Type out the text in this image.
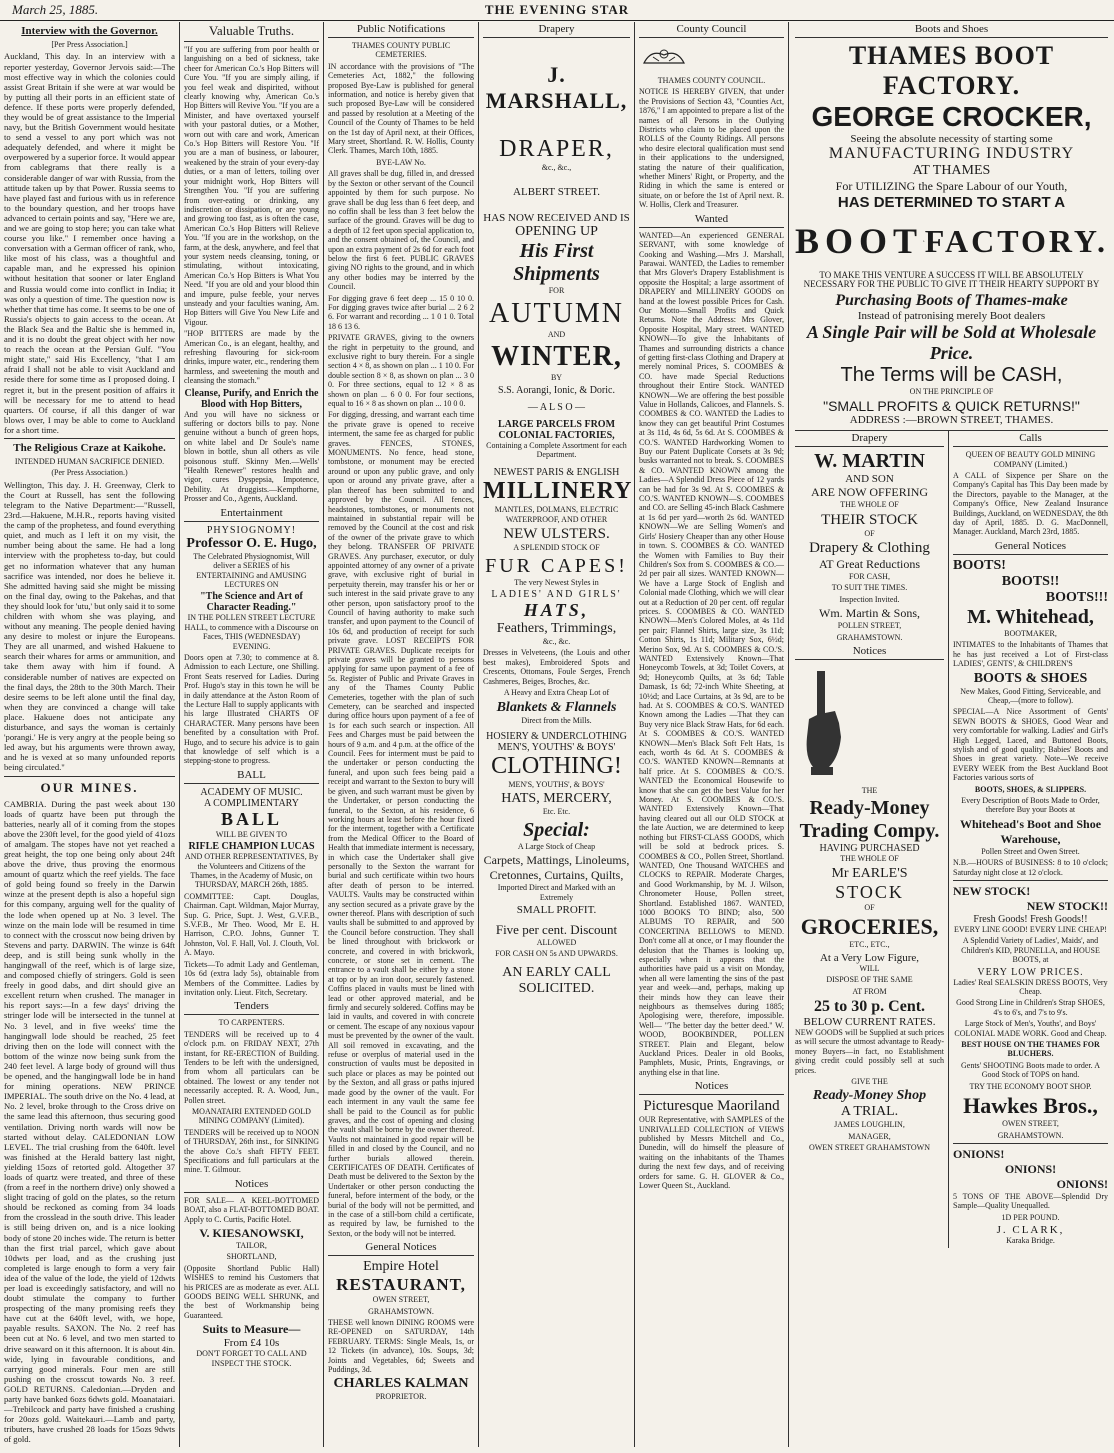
March 25, 1885.	THE EVENING STAR
Interview with the Governor.
[Per Press Association.]
Auckland, This day. In an interview with a reporter yesterday, Governor Jervois said:—The most effective way in which the colonies could assist Great Britain if she were at war would be by putting all their ports in an efficient state of defence. If these ports were properly defended, they would be of great assistance to the Imperial navy, but the British Government would hesitate to send a vessel to any port which was not adequately defended, and where it might be overpowered by a superior force. It would appear from cablegrams that there really is a considerable danger of war with Russia, from the attitude taken up by that Power. Russia seems to have played fast and furious with us in reference to the boundary question, and her troops have advanced to certain points and say, "Here we are, and we are going to stop here; you can take what course you like." I remember once having a conversation with a German officer of rank, who, like most of his class, was a thoughtful and capable man, and he expressed his opinion without hesitation that sooner or later England and Russia would come into conflict in India; it was only a question of time. The question now is whether that time has come. It seems to be one of Russia's objects to gain access to the ocean. At the Black Sea and the Baltic she is hemmed in, and it is no doubt the great object with her now to reach the ocean at the Persian Gulf. "You might state," said His Excellency, "that I am afraid I shall not be able to visit Auckland and reside there for some time as I proposed doing. I regret it, but in the present position of affairs it will be necessary for me to attend to head quarters. Of course, if all this danger of war blows over, I may be able to come to Auckland for a short time.
The Religious Craze at Kaikohe.
INTENDED HUMAN SACRIFICE DENIED.
(Per Press Association.)
Wellington, This day. J. H. Greenway, Clerk to the Court at Russell, has sent the following telegram to the Native Department:—"Russell, 23rd.—Hakuene, M.H.R., reports having visited the camp of the prophetess, and found everything quiet, and much as I left it on my visit, the number being about the same. He had a long interview with the prophetess to-day, but could get no information whatever that any human sacrifice was intended, nor does he believe it. She admitted having said she might be missing on the final day, owing to the Pakehas, and that they should look for 'utu,' but only said it to some children with whom she was playing, and without any meaning. The people denied having any desire to molest or injure the Europeans. They are all unarmed, and wished Hakuene to search their whares for arms or ammunition, and take them away with him if found. A considerable number of natives are expected on the final days, the 28th to the 30th March. Their desire seems to be left alone until the final day, when they are convinced a change will take place. Hakuene does not anticipate any disturbance, and says the woman is certainly 'porangi.' He is very angry at the people being so led away, but his arguments were thrown away, and he is vexed at so many unfounded reports being circulated."
OUR MINES.
CAMBRIA. During the past week about 130 loads of quartz have been put through the batteries, nearly all of it coming from the stopes above the 230ft level, for the good yield of 41ozs of amalgam. The stopes have not yet reached a great height, the top one being only about 24ft above the drive, thus proving the enormous amount of quartz which the reef yields. The face of gold being found so freely in the Darwin winze at the present depth is also a hopeful sign for this company, arguing well for the quality of the lode when opened up at No. 3 level. The winze on the main lode will be resumed in time to connect with the crosscut now being driven by Stevens and party. DARWIN. The winze is 64ft deep, and is still being sunk wholly in the hangingwall of the reef, which is of large size, and composed chiefly of stringers. Gold is seen freely in good dabs, and dirt should give an excellent return when crushed. The manager in his report says:—In a few days' driving the stringer lode will be intersected in the tunnel at No. 3 level, and in five weeks' time the hangingwall lode should be reached, 25 feet driving then on the lode will connect with the bottom of the winze now being sunk from the 240 feet level. A large body of ground will thus be opened, and the hangingwall lode be in hand for mining operations. NEW PRINCE IMPERIAL. The south drive on the No. 4 lead, at No. 2 level, broke through to the Cross drive on the same lead this afternoon, thus securing good ventilation. Driving north wards will now be started without delay. CALEDONIAN LOW LEVEL. The trial crushing from the 640ft. level was finished at the Herald battery last night, yielding 15ozs of retorted gold. Altogether 37 loads of quartz were treated, and three of these (from a reef in the northern drive) only showed a slight tracing of gold on the plates, so the return should be reckoned as coming from 34 loads from the crosslead in the south drive. This leader is still being driven on, and is a nice looking body of stone 20 inches wide. The return is better than the first trial parcel, which gave about 10dwts per load, and as the crushing just completed is large enough to form a very fair idea of the value of the lode, the yield of 12dwts per load is exceedingly satisfactory, and will no doubt stimulate the company to further prospecting of the many promising reefs they have cut at the 640ft level, with, we hope, payable results. SAXON. The No. 2 reef has been cut at No. 6 level, and two men started to drive seaward on it this afternoon. It is about 4in. wide, lying in favourable conditions, and carrying good minerals. Four men are still pushing on the crosscut towards No. 3 reef. GOLD RETURNS. Caledonian.—Dryden and party have banked 6ozs 6dwts gold. Moanataiari.—Trebilcock and party have finished a crushing for 20ozs gold. Waitekauri.—Lamb and party, tributers, have crushed 28 loads for 15ozs 9dwts of gold.
Valuable Truths.
"If you are suffering from poor health or languishing on a bed of sickness, take cheer for American Co.'s Hop Bitters will Cure You. "If you are simply ailing, if you feel weak and dispirited, without clearly knowing why, American Co.'s Hop Bitters will Revive You. "If you are a Minister, and have overtaxed yourself with your pastoral duties, or a Mother, worn out with care and work, American Co.'s Hop Bitters will Restore You. "If you are a man of business, or labourer, weakened by the strain of your every-day duties, or a man of letters, toiling over your midnight work, Hop Bitters will Strengthen You. "If you are suffering from over-eating or drinking, any indiscretion or dissipation, or are young and growing too fast, as is often the case, American Co.'s Hop Bitters will Relieve You. "If you are in the workshop, on the farm, at the desk, anywhere, and feel that your system needs cleansing, toning, or stimulating, without intoxicating, American Co.'s Hop Bitters is What You Need. "If you are old and your blood thin and impure, pulse feeble, your nerves unsteady and your faculties waning, Am. Hop Bitters will Give You New Life and Vigour.
"HOP BITTERS are made by the American Co., is an elegant, healthy, and refreshing flavouring for sick-room drinks, impure water, etc., rendering them harmless, and sweetening the mouth and cleansing the stomach."
Cleanse, Purify, and Enrich the Blood with Hop Bitters,
And you will have no sickness or suffering or doctors bills to pay. None genuine without a bunch of green hops, on white label and Dr Soule's name blown in bottle, shun all others as vile poisonous stuff. Skinny Men.—Wells' "Health Renewer" restores health and vigor, cures Dyspepsia, Impotence, Debility. At druggists.—Kempthorne, Prosser and Co., Agents, Auckland.
Entertainment
PHYSIOGNOMY!
Professor O. E. Hugo,
The Celebrated Physiognomist, Will deliver a SERIES of his ENTERTAINING and AMUSING LECTURES ON
"The Science and Art of Character Reading."
IN THE POLLEN STREET LECTURE HALL, to commence with a Discourse on Faces, THIS (WEDNESDAY) EVENING.
Doors open at 7.30; to commence at 8. Admission to each Lecture, one Shilling. Front Seats reserved for Ladies. During Prof. Hugo's stay in this town he will be in daily attendance at the Aston Room of the Lecture Hall to supply applicants with his large Illustrated CHARTS OF CHARACTER. Many persons have been benefited by a consultation with Prof. Hugo, and to secure his advice is to gain that knowledge of self which is a stepping-stone to progress.
BALL
ACADEMY OF MUSIC.
A COMPLIMENTARY
BALL
WILL BE GIVEN TO
RIFLE CHAMPION LUCAS
AND OTHER REPRESENTATIVES, By the Volunteers and Citizens of the Thames, in the Academy of Music, on THURSDAY, MARCH 26th, 1885.
COMMITTEE: Capt. Douglas, Chairman. Capt. Wildman, Major Murray, Sup. G. Price, Supt. J. West, G.V.F.B., S.V.F.B., Mr Theo. Wood, Mr E. H. Harrison, C.P.O. Johns, Gunner T. Johnston, Vol. F. Hall, Vol. J. Clouth, Vol. A. Mayo.
Tickets—To admit Lady and Gentleman, 10s 6d (extra lady 5s), obtainable from Members of the Committee. Ladies by invitation only. Lieut. Fitch, Secretary.
Tenders
TO CARPENTERS.
TENDERS will be received up to 4 o'clock p.m. on FRIDAY NEXT, 27th instant, for RE-ERECTION of Building. Tenders to be left with the undersigned, from whom all particulars can be obtained. The lowest or any tender not necessarily accepted. R. A. Wood, Jun., Pollen street.
MOANATAIRI EXTENDED GOLD MINING COMPANY (Limited).
TENDERS will be received up to NOON of THURSDAY, 26th inst., for SINKING the above Co.'s shaft FIFTY FEET. Specifications and full particulars at the mine. T. Gilmour.
Notices
FOR SALE— A KEEL-BOTTOMED BOAT, also a FLAT-BOTTOMED BOAT. Apply to C. Curtis, Pacific Hotel.
V. KIESANOWSKI,
TAILOR,
SHORTLAND,
(Opposite Shortland Public Hall) WISHES to remind his Customers that his PRICES are as moderate as ever. ALL GOODS BEING WELL SHRUNK, and the best of Workmanship being Guaranteed.
Suits to Measure—
From £4 10s
DON'T FORGET TO CALL AND INSPECT THE STOCK.
Public Notifications
THAMES COUNTY PUBLIC CEMETERIES.
IN accordance with the provisions of "The Cemeteries Act, 1882," the following proposed Bye-Law is published for general information, and notice is hereby given that such proposed Bye-Law will be considered and passed by resolution at a Meeting of the Council of the County of Thames to be held on the 1st day of April next, at their Offices, Mary street, Shortland. R. W. Hollis, County Clerk. Thames, March 10th, 1885.
BYE-LAW No.
All graves shall be dug, filled in, and dressed by the Sexton or other servant of the Council appointed by them for such purpose. No grave shall be dug less than 6 feet deep, and no coffin shall be less than 3 feet below the surface of the ground. Graves will be dug to a depth of 12 feet upon special application to, and the consent obtained of, the Council, and upon an extra payment of 2s 6d for each foot below the first 6 feet. PUBLIC GRAVES giving NO rights to the ground, and in which any other bodies may be interred by the Council.
For digging grave 6 feet deep ... 15 0 10 0. For digging graves twice after burial ... 2 6 2 6. For warrant and recording ... 1 0 1 0. Total 18 6 13 6.
PRIVATE GRAVES, giving to the owners the right in perpetuity to the ground, and exclusive right to bury therein. For a single section 4 × 8, as shown on plan ... 1 10 0. For double section 8 × 8, as shown on plan ... 3 0 0. For three sections, equal to 12 × 8 as shown on plan ... 6 0 0. For four sections, equal to 16 × 8 as shown on plan ... 10 0 0.
For digging, dressing, and warrant each time the private grave is opened to receive interment, the same fee as charged for public graves. FENCES, STONES, MONUMENTS. No fence, head stone, tombstone, or monument may be erected around or upon any public grave, and only upon or around any private grave, after a plan thereof has been submitted to and approved by the Council. All fences, headstones, tombstones, or monuments not maintained in substantial repair will be removed by the Council at the cost and risk of the owner of the private grave to which they belong. TRANSFER OF PRIVATE GRAVES. Any purchaser, executor, or duly appointed attorney of any owner of a private grave, with exclusive right of burial in perpetuity therein, may transfer his or her or such interest in the said private grave to any other person, upon satisfactory proof to the Council of having authority to make such transfer, and upon payment to the Council of 10s 6d, and production of receipt for such private grave. LOST RECEIPTS FOR PRIVATE GRAVES. Duplicate receipts for private graves will be granted to persons applying for same upon payment of a fee of 5s. Register of Public and Private Graves in any of the Thames County Public Cemeteries, together with the plan of such Cemetery, can be searched and inspected during office hours upon payment of a fee of 1s for each such search or inspection. All Fees and Charges must be paid between the hours of 9 a.m. and 4 p.m. at the office of the Council. Fees for interment must be paid to the undertaker or person conducting the funeral, and upon such fees being paid a receipt and warrant to the Sexton to bury will be given, and such warrant must be given by the Undertaker, or person conducting the funeral, to the Sexton, at his residence, 6 working hours at least before the hour fixed for the interment, together with a Certificate from the Medical Officer to the Board of Health that immediate interment is necessary, in which case the Undertaker shall give personally to the Sexton the warrant for burial and such certificate within two hours after death of person to be interred. VAULTS. Vaults may be constructed within any section secured as a private grave by the owner thereof. Plans with description of such vaults shall be submitted to and approved by the Council before construction. They shall be lined throughout with brickwork or concrete, and covered in with brickwork, concrete, or stone set in cement. The entrance to a vault shall be either by a stone at top or by an iron door, securely fastened. Coffins placed in vaults must be lined with lead or other approved material, and be firmly and securely soldered. Coffins may be laid in vaults, and covered in with concrete or cement. The escape of any noxious vapour must be prevented by the owner of the vault. All soil removed in excavating, and the refuse or overplus of material used in the construction of vaults must be deposited in such place or places as may be pointed out by the Sexton, and all grass or paths injured made good by the owner of the vault. For each interment in any vault the same fee shall be paid to the Council as for public graves, and the cost of opening and closing the vault shall be borne by the owner thereof. Vaults not maintained in good repair will be filled in and closed by the Council, and no further burials allowed therein. CERTIFICATES OF DEATH. Certificates of Death must be delivered to the Sexton by the Undertaker or other person conducting the funeral, before interment of the body, or the burial of the body will not be permitted, and in the case of a still-born child a certificate, as required by law, be furnished to the Sexton, or the body will not be interred.
General Notices
Empire Hotel
RESTAURANT,
OWEN STREET,
GRAHAMSTOWN.
THESE well known DINING ROOMS were RE-OPENED on SATURDAY, 14th FEBRUARY. TERMS: Single Meals, 1s, or 12 Tickets (in advance), 10s. Soups, 3d; Joints and Vegetables, 6d; Sweets and Puddings, 3d.
CHARLES KALMAN
PROPRIETOR.
Drapery
J. MARSHALL,
DRAPER,
&c., &c.,
ALBERT STREET.
HAS NOW RECEIVED AND IS
OPENING UP
His First
Shipments
FOR
AUTUMN
AND
WINTER,
BY
S.S. Aorangi, Ionic, & Doric.
— A L S O —
LARGE PARCELS FROM COLONIAL FACTORIES,
Containing a Complete Assortment for each Department.
NEWEST PARIS & ENGLISH
MILLINERY
MANTLES, DOLMANS, ELECTRIC WATERPROOF, AND OTHER
NEW ULSTERS.
A SPLENDID STOCK OF
FUR CAPES!
The very Newest Styles in
LADIES' AND GIRLS'
HATS,
Feathers, Trimmings,
&c., &c.
Dresses in Velveteens, (the Louis and other best makes), Embroidered Spots and Crescents, Ottomans, Foule Serges, French Cashmeres, Beiges, Broches, &c.
A Heavy and Extra Cheap Lot of
Blankets & Flannels
Direct from the Mills.
HOSIERY & UNDERCLOTHING
MEN'S, YOUTHS' & BOYS'
CLOTHING!
MEN'S, YOUTHS', & BOYS'
HATS, MERCERY,
Etc. Etc.
Special:
A Large Stock of Cheap
Carpets, Mattings, Linoleums, Cretonnes, Curtains, Quilts,
Imported Direct and Marked with an Extremely
SMALL PROFIT.
Five per cent. Discount
ALLOWED
FOR CASH ON 5s AND UPWARDS.
AN EARLY CALL SOLICITED.
County Council
THAMES COUNTY COUNCIL.
NOTICE IS HEREBY GIVEN, that under the Provisions of Section 43, "Counties Act, 1876," I am appointed to prepare a list of the names of all Persons in the Outlying Districts who claim to be placed upon the ROLLS of the County Ridings. All persons who desire electoral qualification must send in their applications to the undersigned, stating the nature of their qualification, whether Miners' Right, or Property, and the Riding in which the same is entered or situate, on or before the 1st of April next. R. W. Hollis, Clerk and Treasurer.
Wanted
WANTED—An experienced GENERAL SERVANT, with some knowledge of Cooking and Washing.—Mrs J. Marshall, Parawai. WANTED, the Ladies to remember that Mrs Glover's Drapery Establishment is opposite the Hospital; a large assortment of DRAPERY and MILLINERY GOODS on hand at the lowest possible Prices for Cash. Our Motto—Small Profits and Quick Returns. Note the Address: Mrs Glover, Opposite Hospital, Mary street. WANTED KNOWN—To give the Inhabitants of Thames and surrounding districts a chance of getting first-class Clothing and Drapery at merely nominal Prices, S. COOMBES & CO. have made Special Reductions throughout their Entire Stock. WANTED KNOWN—We are offering the best possible Value in Hollands, Calicoes, and Flannels. S. COOMBES & CO. WANTED the Ladies to know they can get beautiful Print Costumes at 3s 11d, 4s 6d, 5s 6d. At S. COOMBES & CO.'S. WANTED Hardworking Women to Buy our Patent Duplicate Corsets at 3s 9d; busks warranted not to break. S. COOMBES & CO. WANTED KNOWN among the Ladies—A Splendid Dress Piece of 12 yards can be had for 3s 9d. At S. COOMBES & CO.'S. WANTED KNOWN—S. COOMBES and CO. are Selling 45-inch Black Cashmere at 1s 6d per yard—worth 2s 6d. WANTED KNOWN—We are Selling Women's and Girls' Hosiery Cheaper than any other House in town. S. COOMBES & CO. WANTED the Women with Families to Buy their Children's Sox from S. COOMBES & CO.—2d per pair all sizes. WANTED KNOWN—We have a Large Stock of English and Colonial made Clothing, which we will clear out at a Reduction of 20 per cent. off regular prices. S. COOMBES & CO. WANTED KNOWN—Men's Colored Moles, at 4s 11d per pair; Flannel Shirts, large size, 3s 11d; Cotton Shirts, 1s 11d; Military Sox, 6½d; Merino Sox, 9d. At S. COOMBES & CO.'S. WANTED Extensively Known—That Honeycomb Towels, at 3d; Toilet Covers, at 9d; Honeycomb Quilts, at 3s 6d; Table Damask, 1s 6d; 72-inch White Sheeting, at 10½d; and Lace Curtains, at 3s 9d, are to be had. At S. COOMBES & CO.'S. WANTED Known among the Ladies —That they can Buy very nice Black Straw Hats, for 6d each. At S. COOMBES & CO.'S. WANTED KNOWN—Men's Black Soft Felt Hats, 1s each, worth 4s 6d. At S. COOMBES & CO.'S. WANTED KNOWN—Remnants at half price. At S. COOMBES & CO.'S. WANTED the Economical Housewife to know that she can get the best Value for her Money. At S. COOMBES & CO.'S. WANTED Extensively Known—That having cleared out all our OLD STOCK at the late Auction, we are determined to keep nothing but FIRST-CLASS GOODS, which will be sold at bedrock prices. S. COOMBES & CO., Pollen Street, Shortland. WANTED, One Thousand WATCHES and CLOCKS to REPAIR. Moderate Charges, and Good Workmanship, by M. J. Wilson, Chronometer House, Pollen street, Shortland. Established 1867. WANTED, 1000 BOOKS TO BIND; also, 500 ALBUMS TO REPAIR, and 500 CONCERTINA BELLOWS to MEND. Don't come all at once, or I may flounder the delusion that the Thames is looking up, especially when it appears that the authorities have paid us a visit on Monday, when all were lamenting the sins of the past year and week—and, perhaps, making up their minds how they can leave their neighbours as themselves during 1885; Apologising were, therefore, impossible. Well— "The better day the better deed." W. WOOD, BOOKBINDER, POLLEN STREET. Plain and Elegant, below Auckland Prices. Dealer in old Books, Pamphlets, Music, Prints, Engravings, or anything else in that line.
Notices
Picturesque Maoriland
OUR Representative, with SAMPLES of the UNRIVALLED COLLECTION of VIEWS published by Messrs Mitchell and Co., Dunedin, will do himself the pleasure of waiting on the inhabitants of the Thames during the next few days, and of receiving orders for same. G. H. GLOVER & Co., Lower Queen St., Auckland.
Boots and Shoes
THAMES BOOT FACTORY.
GEORGE CROCKER,
Seeing the absolute necessity of starting some
MANUFACTURING INDUSTRY
AT THAMES
For UTILIZING the Spare Labour of our Youth,
HAS DETERMINED TO START A
BOOT FACTORY.
TO MAKE THIS VENTURE A SUCCESS IT WILL BE ABSOLUTELY NECESSARY FOR THE PUBLIC TO GIVE IT THEIR HEARTY SUPPORT BY
Purchasing Boots of Thames-make
Instead of patronising merely Boot dealers
A Single Pair will be Sold at Wholesale Price.
The Terms will be CASH,
ON THE PRINCIPLE OF
"SMALL PROFITS & QUICK RETURNS!"
ADDRESS :—BROWN STREET, THAMES.
Drapery
W. MARTIN
AND SON
ARE NOW OFFERING
THE WHOLE OF
THEIR STOCK
OF
Drapery & Clothing
AT Great Reductions
FOR CASH,
TO SUIT THE TIMES.
Inspection Invited.
Wm. Martin & Sons,
POLLEN STREET,
GRAHAMSTOWN.
Notices
THE
Ready-Money
Trading Compy.
HAVING PURCHASED
THE WHOLE OF
Mr EARLE'S
STOCK
OF
GROCERIES,
ETC., ETC.,
At a Very Low Figure,
WILL
DISPOSE OF THE SAME
AT FROM
25 to 30 p. Cent.
BELOW CURRENT RATES.
NEW GOODS will be Supplied at such prices as will secure the utmost advantage to Ready-money Buyers—in fact, no Establishment giving credit could possibly sell at such prices.
GIVE THE
Ready-Money Shop
A TRIAL.
JAMES LOUGHLIN,
MANAGER,
OWEN STREET GRAHAMSTOWN
Calls
QUEEN OF BEAUTY GOLD MINING COMPANY (Limited.)
A CALL of Sixpence per Share on the Company's Capital has This Day been made by the Directors, payable to the Manager, at the Company's Office, New Zealand Insurance Buildings, Auckland, on WEDNESDAY, the 8th day of April, 1885. D. G. MacDonnell, Manager. Auckland, March 23rd, 1885.
General Notices
BOOTS!
BOOTS!!
BOOTS!!!
M. Whitehead,
BOOTMAKER,
INTIMATES to the Inhabitants of Thames that he has just received a Lot of First-class LADIES', GENTS', & CHILDREN'S
BOOTS & SHOES
New Makes, Good Fitting, Serviceable, and Cheap,—(more to follow).
SPECIAL—A Nice Assortment of Gents' SEWN BOOTS & SHOES, Good Wear and very comfortable for walking. Ladies' and Girl's High Legged, Laced, and Buttoned Boots, stylish and of good quality; Babies' Boots and Shoes in great variety. Note—We receive EVERY WEEK from the Best Auckland Boot Factories various sorts of
BOOTS, SHOES, & SLIPPERS.
Every Description of Boots Made to Order, therefore Buy your Boots at
Whitehead's Boot and Shoe Warehouse,
Pollen Street and Owen Street.
N.B.—HOURS of BUSINESS: 8 to 10 o'clock; Saturday night close at 12 o'clock.
NEW STOCK!
NEW STOCK!!
Fresh Goods! Fresh Goods!!
EVERY LINE GOOD! EVERY LINE CHEAP!
A Splendid Variety of Ladies', Maids', and Children's KID, PRUNELLA, and HOUSE BOOTS, at
VERY LOW PRICES.
Ladies' Real SEALSKIN DRESS BOOTS, Very Cheap.
Good Strong Line in Children's Strap SHOES, 4's to 6's, and 7's to 9's.
Large Stock of Men's, Youths', and Boys' COLONIAL MADE WORK. Good and Cheap.
BEST HOUSE ON THE THAMES FOR BLUCHERS.
Gents' SHOOTING Boots made to order. A Good Stock of TOPS on hand.
TRY THE ECONOMY BOOT SHOP.
Hawkes Bros.,
OWEN STREET,
GRAHAMSTOWN.
ONIONS!
ONIONS!
ONIONS!
5 TONS OF THE ABOVE—Splendid Dry Sample—Quality Unequalled.
1D PER POUND.
J. CLARK,
Karaka Bridge.
